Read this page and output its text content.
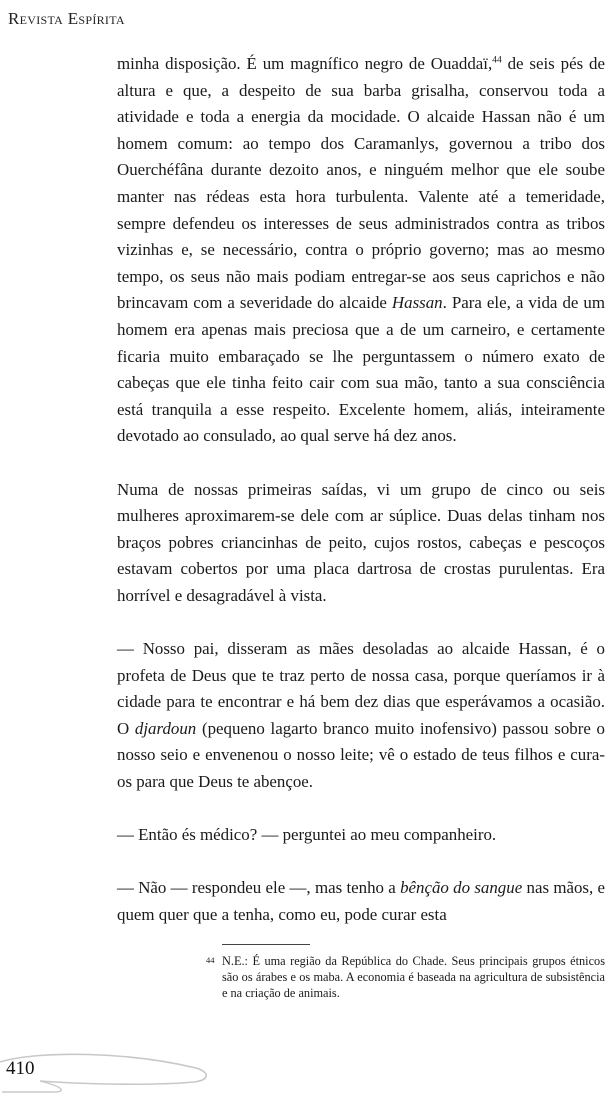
Revista Espírita

minha disposição. É um magnífico negro de Ouaddaï,$^{44}$ de seis pés de altura e que, a despeito de sua barba grisalha, conservou toda a atividade e toda a energia da mocidade. O alcaide Hassan não é um homem comum: ao tempo dos Caramanlys, governou a tribo dos Ouerchéfâna durante dezoito anos, e ninguém melhor que ele soube manter nas rédeas esta hora turbulenta. Valente até a temeridade, sempre defendeu os interesses de seus administrados contra as tribos vizinhas e, se necessário, contra o próprio governo; mas ao mesmo tempo, os seus não mais podiam entregar-se aos seus caprichos e não brincavam com a severidade do alcaide Hassan. Para ele, a vida de um homem era apenas mais preciosa que a de um carneiro, e certamente ficaria muito embaraçado se lhe perguntassem o número exato de cabeças que ele tinha feito cair com sua mão, tanto a sua consciência está tranquila a esse respeito. Excelente homem, aliás, inteiramente devotado ao consulado, ao qual serve há dez anos.

Numa de nossas primeiras saídas, vi um grupo de cinco ou seis mulheres aproximarem-se dele com ar súplice. Duas delas tinham nos braços pobres criancinhas de peito, cujos rostos, cabeças e pescoços estavam cobertos por uma placa dartrosa de crostas purulentas. Era horrível e desagradável à vista.

— Nosso pai, disseram as mães desoladas ao alcaide Hassan, é o profeta de Deus que te traz perto de nossa casa, porque queríamos ir à cidade para te encontrar e há bem dez dias que esperávamos a ocasião. O djardoun (pequeno lagarto branco muito inofensivo) passou sobre o nosso seio e envenenou o nosso leite; vê o estado de teus filhos e cura-os para que Deus te abençoe.

— Então és médico? — perguntei ao meu companheiro.

— Não — respondeu ele —, mas tenho a bênção do sangue nas mãos, e quem quer que a tenha, como eu, pode curar esta

44 N.E.: É uma região da República do Chade. Seus principais grupos étnicos são os árabes e os maba. A economia é baseada na agricultura de subsistência e na criação de animais.
410
